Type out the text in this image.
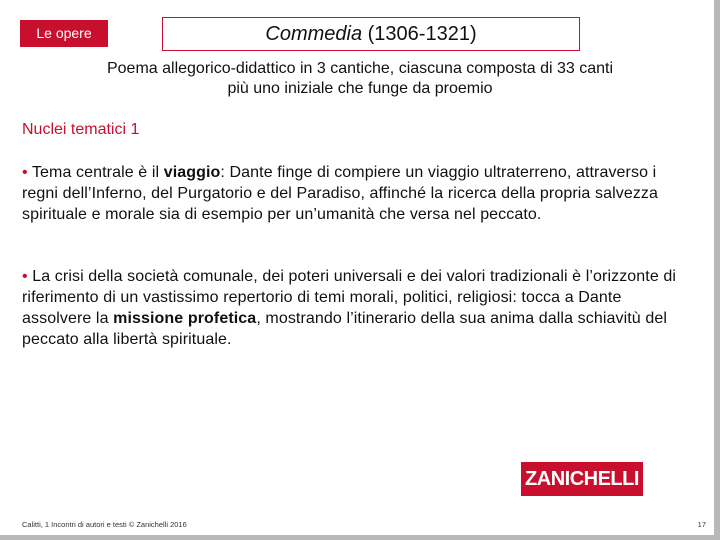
Le opere	Commedia (1306-1321)
Poema allegorico-didattico in 3 cantiche, ciascuna composta di 33 canti
più uno iniziale che funge da proemio
Nuclei tematici 1
• Tema centrale è il viaggio: Dante finge di compiere un viaggio ultraterreno, attraverso i regni dell’Inferno, del Purgatorio e del Paradiso, affinché la ricerca della propria salvezza spirituale e morale sia di esempio per un’umanità che versa nel peccato.
• La crisi della società comunale, dei poteri universali e dei valori tradizionali è l’orizzonte di riferimento di un vastissimo repertorio di temi morali, politici, religiosi: tocca a Dante assolvere la missione profetica, mostrando l’itinerario della sua anima dalla schiavitù del peccato alla libertà spirituale.
ZANICHELLI
Calitti, 1 Incontri di autori e testi © Zanichelli 2016	17
